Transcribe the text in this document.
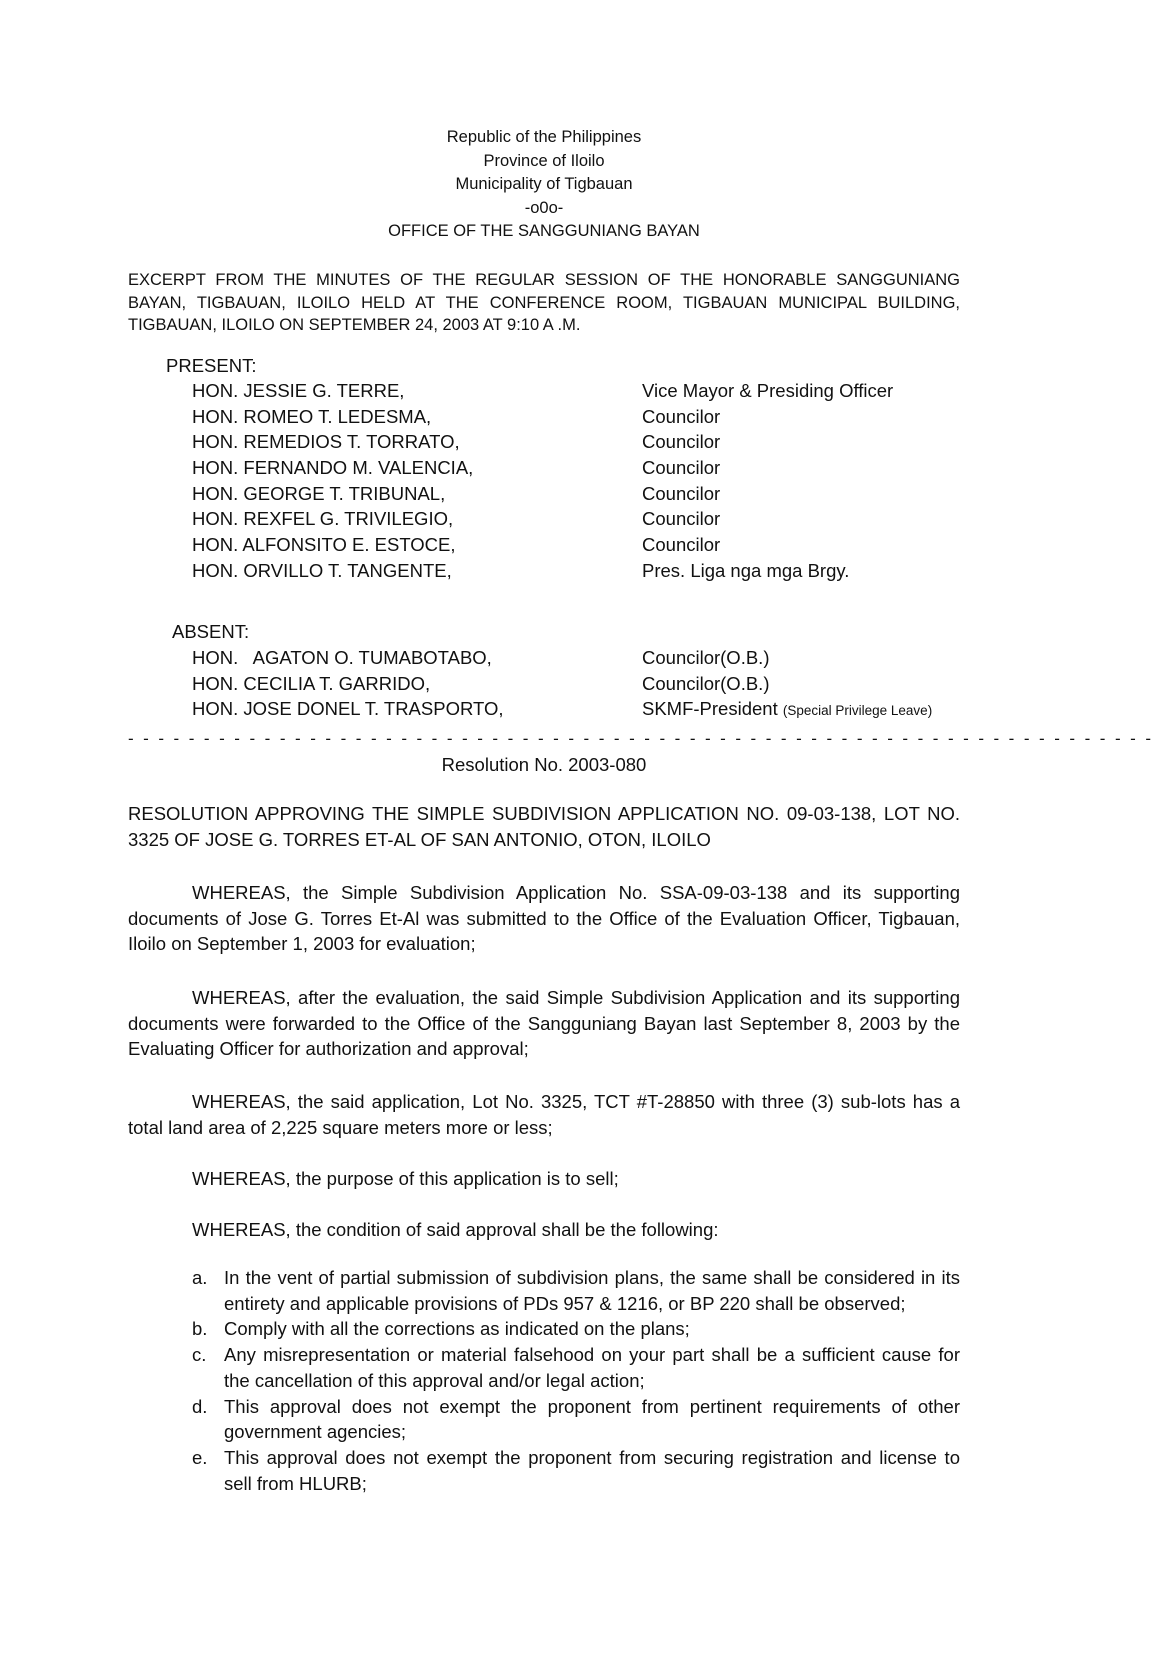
Republic of the Philippines
Province of Iloilo
Municipality of Tigbauan
-o0o-
OFFICE OF THE SANGGUNIANG BAYAN
EXCERPT FROM THE MINUTES OF THE REGULAR SESSION OF THE HONORABLE SANGGUNIANG BAYAN, TIGBAUAN, ILOILO HELD AT THE CONFERENCE ROOM, TIGBAUAN MUNICIPAL BUILDING, TIGBAUAN, ILOILO ON SEPTEMBER 24, 2003 AT 9:10 A .M.
PRESENT:
HON. JESSIE G. TERRE,	Vice Mayor & Presiding Officer
HON. ROMEO T. LEDESMA,	Councilor
HON. REMEDIOS T. TORRATO,	Councilor
HON. FERNANDO M. VALENCIA,	Councilor
HON. GEORGE T. TRIBUNAL,	Councilor
HON. REXFEL G. TRIVILEGIO,	Councilor
HON. ALFONSITO E. ESTOCE,	Councilor
HON. ORVILLO T. TANGENTE,	Pres. Liga nga mga Brgy.
ABSENT:
HON.   AGATON O. TUMABOTABO,	Councilor(O.B.)
HON. CECILIA T. GARRIDO,	Councilor(O.B.)
HON. JOSE DONEL T. TRASPORTO,	SKMF-President (Special Privilege Leave)
- - - - - - - - - - - - - - - - - - - - - - - - - - - - - - - - - - - - - - - - - - - - - - - - - - - - - - - - - - - - - - - - - - - -
Resolution No. 2003-080
RESOLUTION APPROVING THE SIMPLE SUBDIVISION APPLICATION NO. 09-03-138, LOT NO. 3325 OF JOSE G. TORRES ET-AL OF SAN ANTONIO, OTON, ILOILO
WHEREAS, the Simple Subdivision Application No. SSA-09-03-138 and its supporting documents of Jose G. Torres Et-Al was submitted to the Office of the Evaluation Officer, Tigbauan, Iloilo on September 1, 2003 for evaluation;
WHEREAS, after the evaluation, the said Simple Subdivision Application and its supporting documents were forwarded to the Office of the Sangguniang Bayan last September 8, 2003 by the Evaluating Officer for authorization and approval;
WHEREAS, the said application, Lot No. 3325, TCT #T-28850 with three (3) sub-lots has a total land area of 2,225 square meters more or less;
WHEREAS, the purpose of this application is to sell;
WHEREAS, the condition of said approval shall be the following:
a. In the vent of partial submission of subdivision plans, the same shall be considered in its entirety and applicable provisions of PDs 957 & 1216, or BP 220 shall be observed;
b. Comply with all the corrections as indicated on the plans;
c. Any misrepresentation or material falsehood on your part shall be a sufficient cause for the cancellation of this approval and/or legal action;
d. This approval does not exempt the proponent from pertinent requirements of other government agencies;
e. This approval does not exempt the proponent from securing registration and license to sell from HLURB;
